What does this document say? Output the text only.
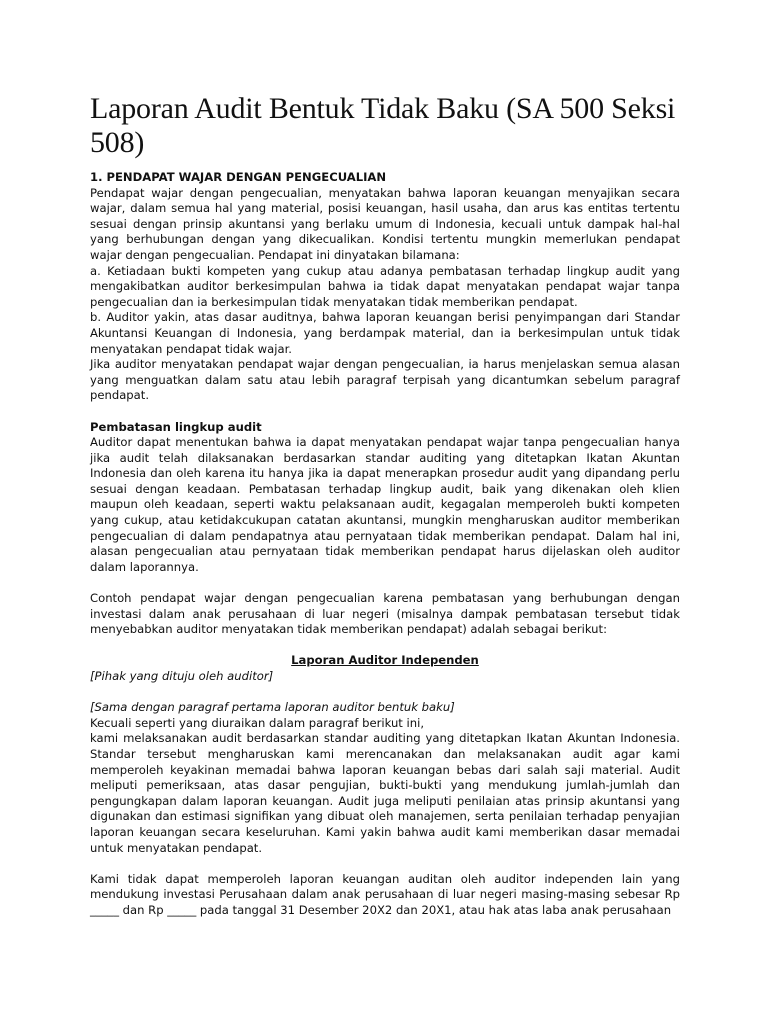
Laporan Audit Bentuk Tidak Baku (SA 500 Seksi 508)

1. PENDAPAT WAJAR DENGAN PENGECUALIAN

Pendapat wajar dengan pengecualian, menyatakan bahwa laporan keuangan menyajikan secara wajar, dalam semua hal yang material, posisi keuangan, hasil usaha, dan arus kas entitas tertentu sesuai dengan prinsip akuntansi yang berlaku umum di Indonesia, kecuali untuk dampak hal-hal yang berhubungan dengan yang dikecualikan. Kondisi tertentu mungkin memerlukan pendapat wajar dengan pengecualian. Pendapat ini dinyatakan bilamana:

a. Ketiadaan bukti kompeten yang cukup atau adanya pembatasan terhadap lingkup audit yang mengakibatkan auditor berkesimpulan bahwa ia tidak dapat menyatakan pendapat wajar tanpa pengecualian dan ia berkesimpulan tidak menyatakan tidak memberikan pendapat.

b. Auditor yakin, atas dasar auditnya, bahwa laporan keuangan berisi penyimpangan dari Standar Akuntansi Keuangan di Indonesia, yang berdampak material, dan ia berkesimpulan untuk tidak menyatakan pendapat tidak wajar.

Jika auditor menyatakan pendapat wajar dengan pengecualian, ia harus menjelaskan semua alasan yang menguatkan dalam satu atau lebih paragraf terpisah yang dicantumkan sebelum paragraf pendapat.

Pembatasan lingkup audit

Auditor dapat menentukan bahwa ia dapat menyatakan pendapat wajar tanpa pengecualian hanya jika audit telah dilaksanakan berdasarkan standar auditing yang ditetapkan Ikatan Akuntan Indonesia dan oleh karena itu hanya jika ia dapat menerapkan prosedur audit yang dipandang perlu sesuai dengan keadaan. Pembatasan terhadap lingkup audit, baik yang dikenakan oleh klien maupun oleh keadaan, seperti waktu pelaksanaan audit, kegagalan memperoleh bukti kompeten yang cukup, atau ketidakcukupan catatan akuntansi, mungkin mengharuskan auditor memberikan pengecualian di dalam pendapatnya atau pernyataan tidak memberikan pendapat. Dalam hal ini, alasan pengecualian atau pernyataan tidak memberikan pendapat harus dijelaskan oleh auditor dalam laporannya.

Contoh pendapat wajar dengan pengecualian karena pembatasan yang berhubungan dengan investasi dalam anak perusahaan di luar negeri (misalnya dampak pembatasan tersebut tidak menyebabkan auditor menyatakan tidak memberikan pendapat) adalah sebagai berikut:

Laporan Auditor Independen

[Pihak yang dituju oleh auditor]

[Sama dengan paragraf pertama laporan auditor bentuk baku]

Kecuali seperti yang diuraikan dalam paragraf berikut ini,

kami melaksanakan audit berdasarkan standar auditing yang ditetapkan Ikatan Akuntan Indonesia. Standar tersebut mengharuskan kami merencanakan dan melaksanakan audit agar kami memperoleh keyakinan memadai bahwa laporan keuangan bebas dari salah saji material. Audit meliputi pemeriksaan, atas dasar pengujian, bukti-bukti yang mendukung jumlah-jumlah dan pengungkapan dalam laporan keuangan. Audit juga meliputi penilaian atas prinsip akuntansi yang digunakan dan estimasi signifikan yang dibuat oleh manajemen, serta penilaian terhadap penyajian laporan keuangan secara keseluruhan. Kami yakin bahwa audit kami memberikan dasar memadai untuk menyatakan pendapat.

Kami tidak dapat memperoleh laporan keuangan auditan oleh auditor independen lain yang mendukung investasi Perusahaan dalam anak perusahaan di luar negeri masing-masing sebesar Rp _____ dan Rp _____ pada tanggal 31 Desember 20X2 dan 20X1, atau hak atas laba anak perusahaan
